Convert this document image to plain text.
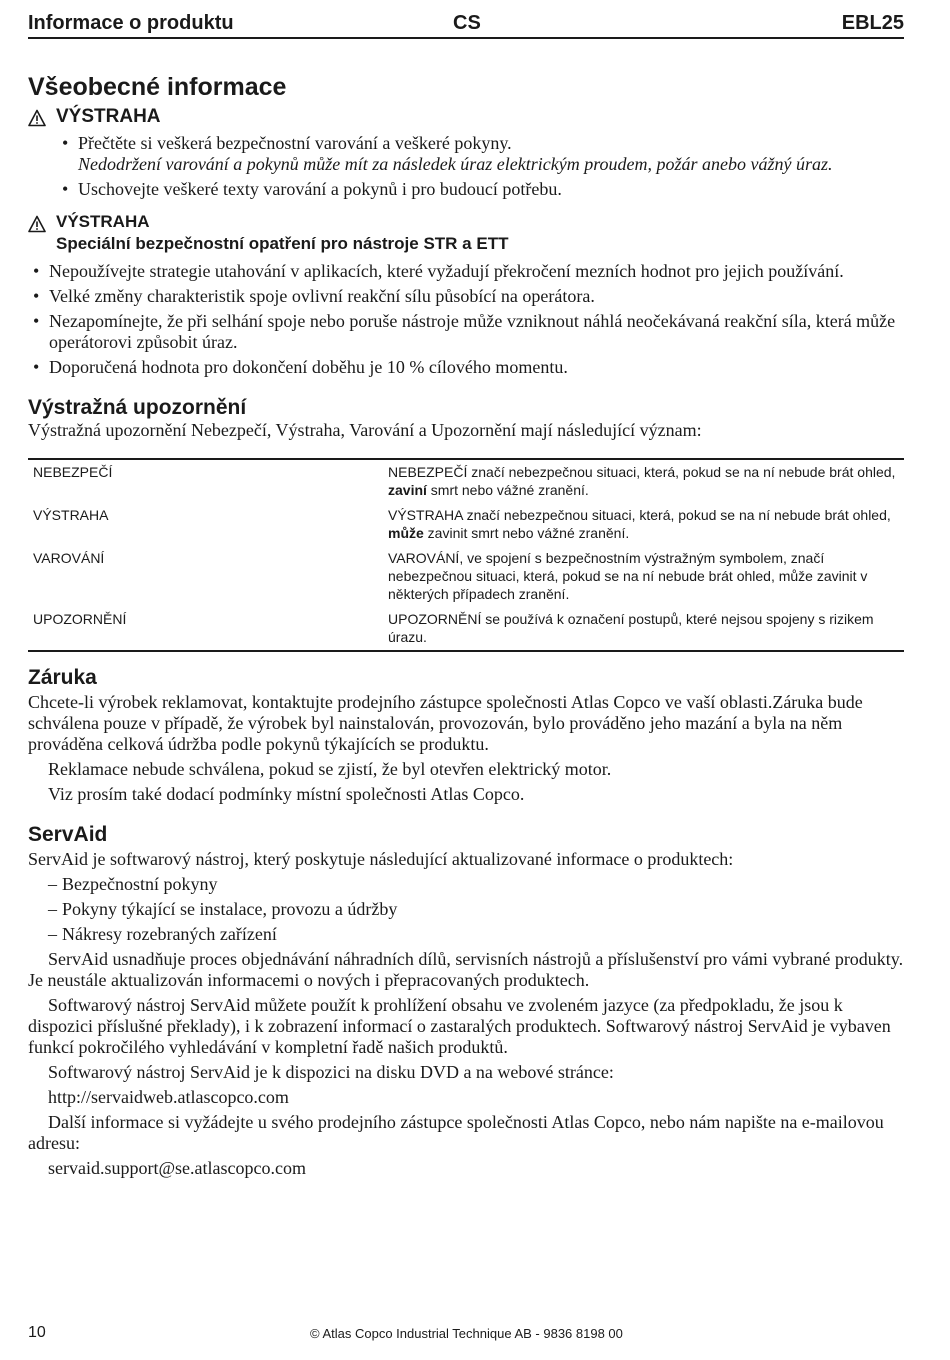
Informace o produktu	CS	EBL25
Všeobecné informace
VÝSTRAHA
• Přečtěte si veškerá bezpečnostní varování a veškeré pokyny.
Nedodržení varování a pokynů může mít za následek úraz elektrickým proudem, požár anebo vážný úraz.
• Uschovejte veškeré texty varování a pokynů i pro budoucí potřebu.
VÝSTRAHA
Speciální bezpečnostní opatření pro nástroje STR a ETT
• Nepoužívejte strategie utahování v aplikacích, které vyžadují překročení mezních hodnot pro jejich používání.
• Velké změny charakteristik spoje ovlivní reakční sílu působící na operátora.
• Nezapomínejte, že při selhání spoje nebo poruše nástroje může vzniknout náhlá neočekávaná reakční síla, která může operátorovi způsobit úraz.
• Doporučená hodnota pro dokončení doběhu je 10 % cílového momentu.
Výstražná upozornění
Výstražná upozornění Nebezpečí, Výstraha, Varování a Upozornění mají následující význam:
NEBEZPEČÍ	NEBEZPEČÍ značí nebezpečnou situaci, která, pokud se na ní nebude brát ohled, zaviní smrt nebo vážné zranění.
VÝSTRAHA	VÝSTRAHA značí nebezpečnou situaci, která, pokud se na ní nebude brát ohled, může zavinit smrt nebo vážné zranění.
VAROVÁNÍ	VAROVÁNÍ, ve spojení s bezpečnostním výstražným symbolem, značí nebezpečnou situaci, která, pokud se na ní nebude brát ohled, může zavinit v některých případech zranění.
UPOZORNĚNÍ	UPOZORNĚNÍ se používá k označení postupů, které nejsou spojeny s rizikem úrazu.
Záruka
Chcete-li výrobek reklamovat, kontaktujte prodejního zástupce společnosti Atlas Copco ve vaší oblasti.Záruka bude schválena pouze v případě, že výrobek byl nainstalován, provozován, bylo prováděno jeho mazání a byla na něm prováděna celková údržba podle pokynů týkajících se produktu.
Reklamace nebude schválena, pokud se zjistí, že byl otevřen elektrický motor.
Viz prosím také dodací podmínky místní společnosti Atlas Copco.
ServAid
ServAid je softwarový nástroj, který poskytuje následující aktualizované informace o produktech:
– Bezpečnostní pokyny
– Pokyny týkající se instalace, provozu a údržby
– Nákresy rozebraných zařízení
ServAid usnadňuje proces objednávání náhradních dílů, servisních nástrojů a příslušenství pro vámi vybrané produkty. Je neustále aktualizován informacemi o nových i přepracovaných produktech.
Softwarový nástroj ServAid můžete použít k prohlížení obsahu ve zvoleném jazyce (za předpokladu, že jsou k dispozici příslušné překlady), i k zobrazení informací o zastaralých produktech. Softwarový nástroj ServAid je vybaven funkcí pokročilého vyhledávání v kompletní řadě našich produktů.
Softwarový nástroj ServAid je k dispozici na disku DVD a na webové stránce:
http://servaidweb.atlascopco.com
Další informace si vyžádejte u svého prodejního zástupce společnosti Atlas Copco, nebo nám napište na e-mailovou adresu:
servaid.support@se.atlascopco.com
10	© Atlas Copco Industrial Technique AB - 9836 8198 00
